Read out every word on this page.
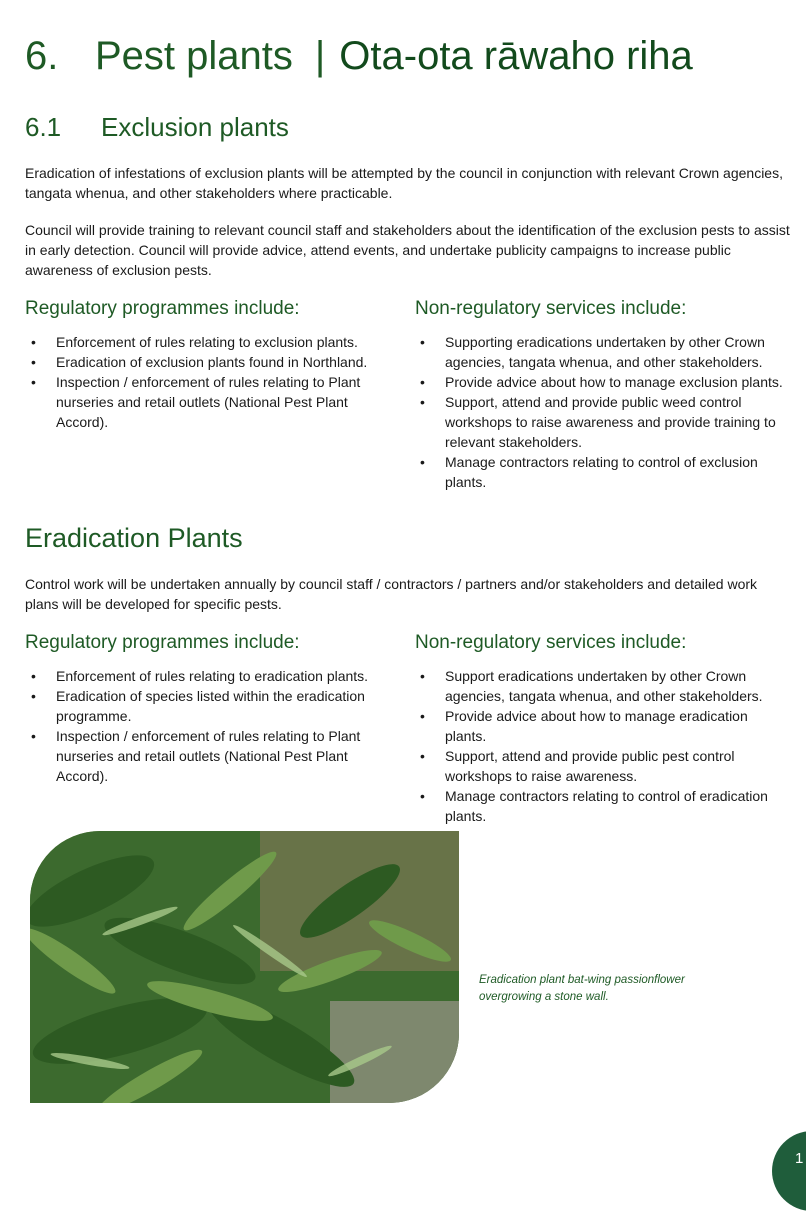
6. Pest plants | Ota-ota rāwaho riha
6.1 Exclusion plants

Eradication of infestations of exclusion plants will be attempted by the council in conjunction with relevant Crown agencies, tangata whenua, and other stakeholders where practicable.

Council will provide training to relevant council staff and stakeholders about the identification of the exclusion pests to assist in early detection. Council will provide advice, attend events, and undertake publicity campaigns to increase public awareness of exclusion pests.

Regulatory programmes include:
• Enforcement of rules relating to exclusion plants.
• Eradication of exclusion plants found in Northland.
• Inspection / enforcement of rules relating to Plant nurseries and retail outlets (National Pest Plant Accord).
Non-regulatory services include:
• Supporting eradications undertaken by other Crown agencies, tangata whenua, and other stakeholders.
• Provide advice about how to manage exclusion plants.
• Support, attend and provide public weed control workshops to raise awareness and provide training to relevant stakeholders.
• Manage contractors relating to control of exclusion plants.
Eradication Plants

Control work will be undertaken annually by council staff / contractors / partners and/or stakeholders and detailed work plans will be developed for specific pests.

Regulatory programmes include:
• Enforcement of rules relating to eradication plants.
• Eradication of species listed within the eradication programme.
• Inspection / enforcement of rules relating to Plant nurseries and retail outlets (National Pest Plant Accord).
Non-regulatory services include:
• Support eradications undertaken by other Crown agencies, tangata whenua, and other stakeholders.
• Provide advice about how to manage eradication plants.
• Support, attend and provide public pest control workshops to raise awareness.
• Manage contractors relating to control of eradication plants.

Eradication plant bat-wing passionflower overgrowing a stone wall.

1
